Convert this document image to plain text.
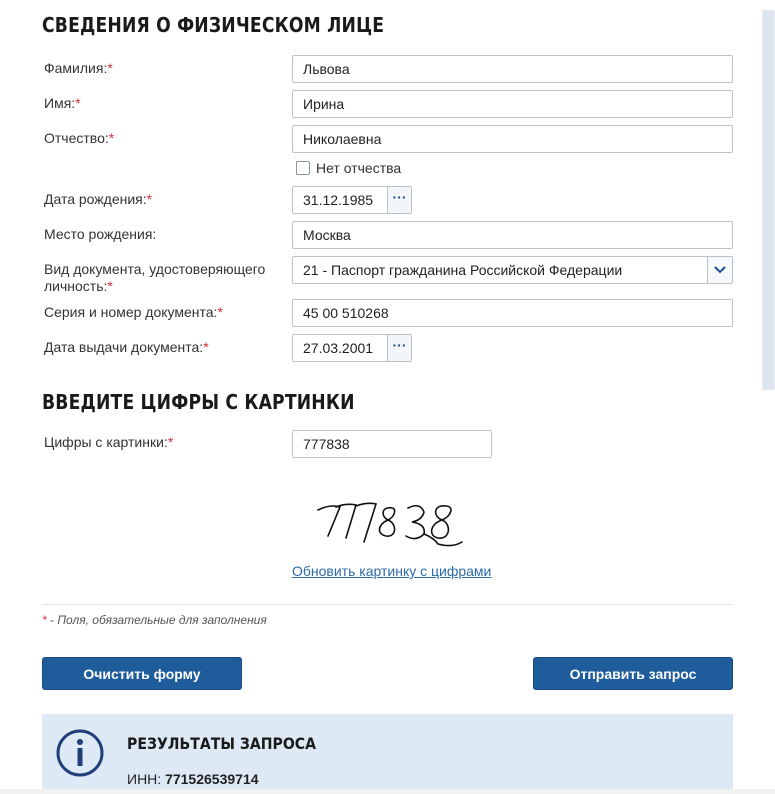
СВЕДЕНИЯ О ФИЗИЧЕСКОМ ЛИЦЕ
Фамилия:*	Львова
Имя:*	Ирина
Отчество:*	Николаевна
Нет отчества
Дата рождения:*	31.12.1985	···
Место рождения:	Москва
Вид документа, удостоверяющего личность:*
21 - Паспорт гражданина Российской Федерации
Серия и номер документа:*	45 00 510268
Дата выдачи документа:*	27.03.2001	···
ВВЕДИТЕ ЦИФРЫ С КАРТИНКИ
Цифры с картинки:*	777838
Обновить картинку с цифрами
* - Поля, обязательные для заполнения
Очистить форму	Отправить запрос
РЕЗУЛЬТАТЫ ЗАПРОСА
ИНН: 771526539714
